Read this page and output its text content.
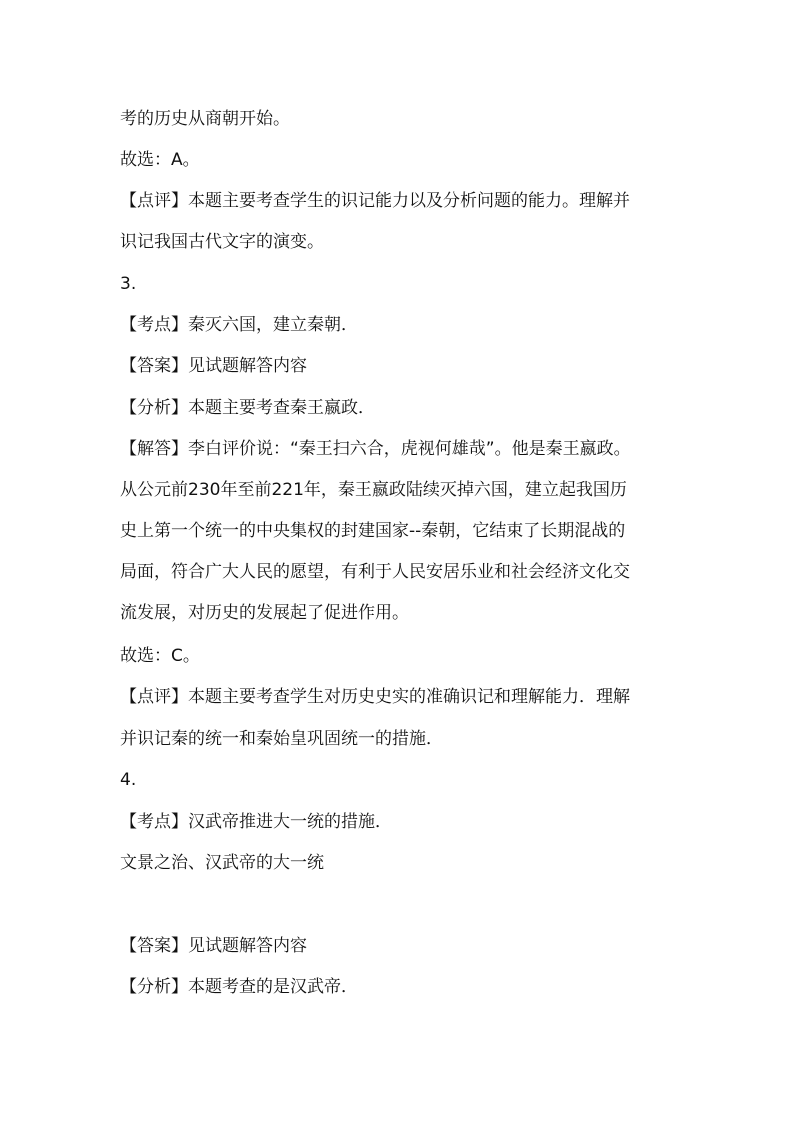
考的历史从商朝开始。
故选：A。
【点评】本题主要考查学生的识记能力以及分析问题的能力。理解并
识记我国古代文字的演变。
3.
【考点】秦灭六国，建立秦朝．
【答案】见试题解答内容
【分析】本题主要考查秦王嬴政．
【解答】李白评价说：“秦王扫六合，虎视何雄哉”。他是秦王嬴政。
从公元前230年至前221年，秦王嬴政陆续灭掉六国，建立起我国历
史上第一个统一的中央集权的封建国家--秦朝，它结束了长期混战的
局面，符合广大人民的愿望，有利于人民安居乐业和社会经济文化交
流发展，对历史的发展起了促进作用。
故选：C。
【点评】本题主要考查学生对历史史实的准确识记和理解能力．理解
并识记秦的统一和秦始皇巩固统一的措施．
4.
【考点】汉武帝推进大一统的措施．
文景之治、汉武帝的大一统
【答案】见试题解答内容
【分析】本题考查的是汉武帝．
